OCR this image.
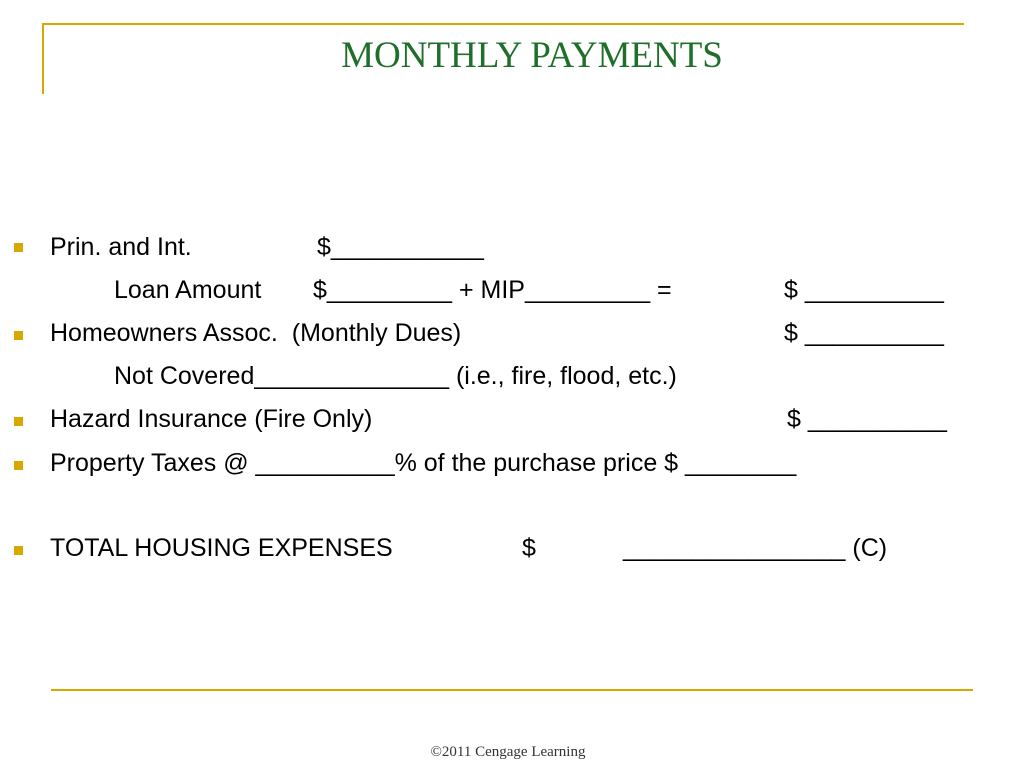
MONTHLY PAYMENTS
Prin. and Int.	$___________
Loan Amount $_________ + MIP_________ =	$ __________
Homeowners Assoc.  (Monthly Dues)	$ __________
Not Covered______________ (i.e., fire, flood, etc.)
Hazard Insurance (Fire Only)	$ __________
Property Taxes @ __________% of the purchase price $ ________
TOTAL HOUSING EXPENSES	$	________________ (C)
©2011 Cengage Learning
